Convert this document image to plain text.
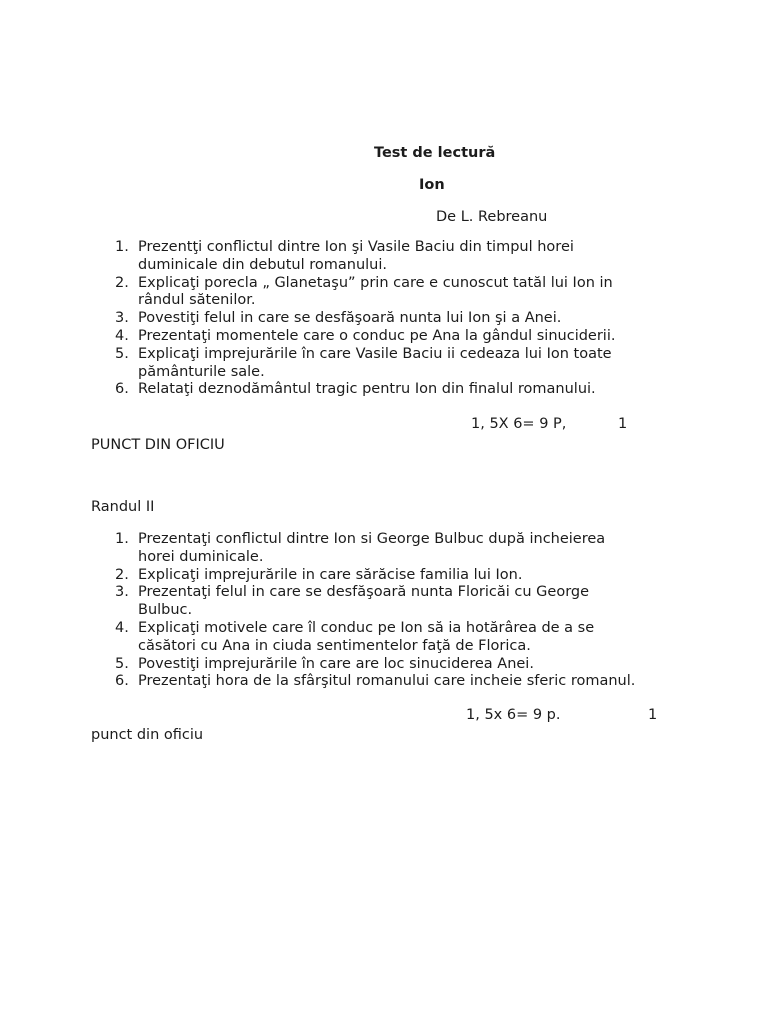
Test de lectură
Ion
De L. Rebreanu
1. Prezentţi conflictul dintre Ion şi Vasile Baciu din timpul horei
duminicale din debutul romanului.
2. Explicaţi porecla „ Glanetaşu” prin care e cunoscut tatăl lui Ion in
rândul sătenilor.
3. Povestiţi felul in care se desfăşoară nunta lui Ion şi a Anei.
4. Prezentaţi momentele care o conduc pe Ana la gândul sinuciderii.
5. Explicaţi imprejurările în care Vasile Baciu ii cedeaza lui Ion toate
pământurile sale.
6. Relataţi deznodământul tragic pentru Ion din finalul romanului.
1, 5X 6= 9 P,	1
PUNCT DIN OFICIU
Randul II
1. Prezentaţi conflictul dintre Ion si George Bulbuc după incheierea
horei duminicale.
2. Explicaţi imprejurările in care sărăcise familia lui Ion.
3. Prezentaţi felul in care se desfăşoară nunta Floricăi cu George
Bulbuc.
4. Explicaţi motivele care îl conduc pe Ion să ia hotărârea de a se
căsători cu Ana in ciuda sentimentelor faţă de Florica.
5. Povestiţi imprejurările în care are loc sinuciderea Anei.
6. Prezentaţi hora de la sfârşitul romanului care incheie sferic romanul.
1, 5x 6= 9 p.	1
punct din oficiu
